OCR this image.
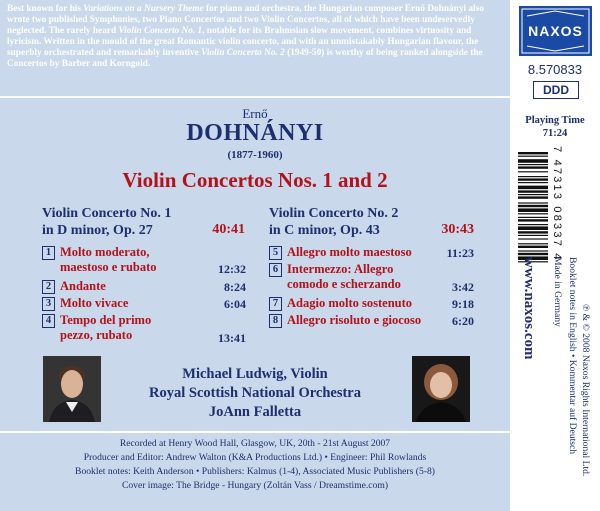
Best known for his Variations on a Nursery Theme for piano and orchestra, the Hungarian composer Ernő Dohnányi also wrote two published Symphonies, two Piano Concertos and two Violin Concertos, all of which have been undeservedly neglected. The rarely heard Violin Concerto No. 1, notable for its Brahmsian slow movement, combines virtuosity and lyricism. Written in the mould of the great Romantic violin concerto, and with an unmistakably Hungarian flavour, the superbly orchestrated and remarkably inventive Violin Concerto No. 2 (1949-50) is worthy of being ranked alongside the Concertos by Barber and Korngold.
Ernő
DOHNÁNYI
(1877-1960)
Violin Concertos Nos. 1 and 2
Violin Concerto No. 1
in D minor, Op. 27	40:41
1 Molto moderato,
maestoso e rubato	12:32
2 Andante	8:24
3 Molto vivace	6:04
4 Tempo del primo
pezzo, rubato	13:41
Violin Concerto No. 2
in C minor, Op. 43	30:43
5 Allegro molto maestoso	11:23
6 Intermezzo: Allegro
comodo e scherzando	3:42
7 Adagio molto sostenuto	9:18
8 Allegro risoluto e giocoso	6:20
Michael Ludwig, Violin
Royal Scottish National Orchestra
JoAnn Falletta
Recorded at Henry Wood Hall, Glasgow, UK, 20th - 21st August 2007
Producer and Editor: Andrew Walton (K&A Productions Ltd.) • Engineer: Phil Rowlands
Booklet notes: Keith Anderson • Publishers: Kalmus (1-4), Associated Music Publishers (5-8)
Cover image: The Bridge - Hungary (Zoltán Vass / Dreamstime.com)
NAXOS
8.570833
DDD
Playing Time
71:24
7 47313 08337 4
www.naxos.com	℗ & © 2008 Naxos Rights International Ltd.
Booklet notes in English • Kommentar auf Deutsch
Made in Germany
